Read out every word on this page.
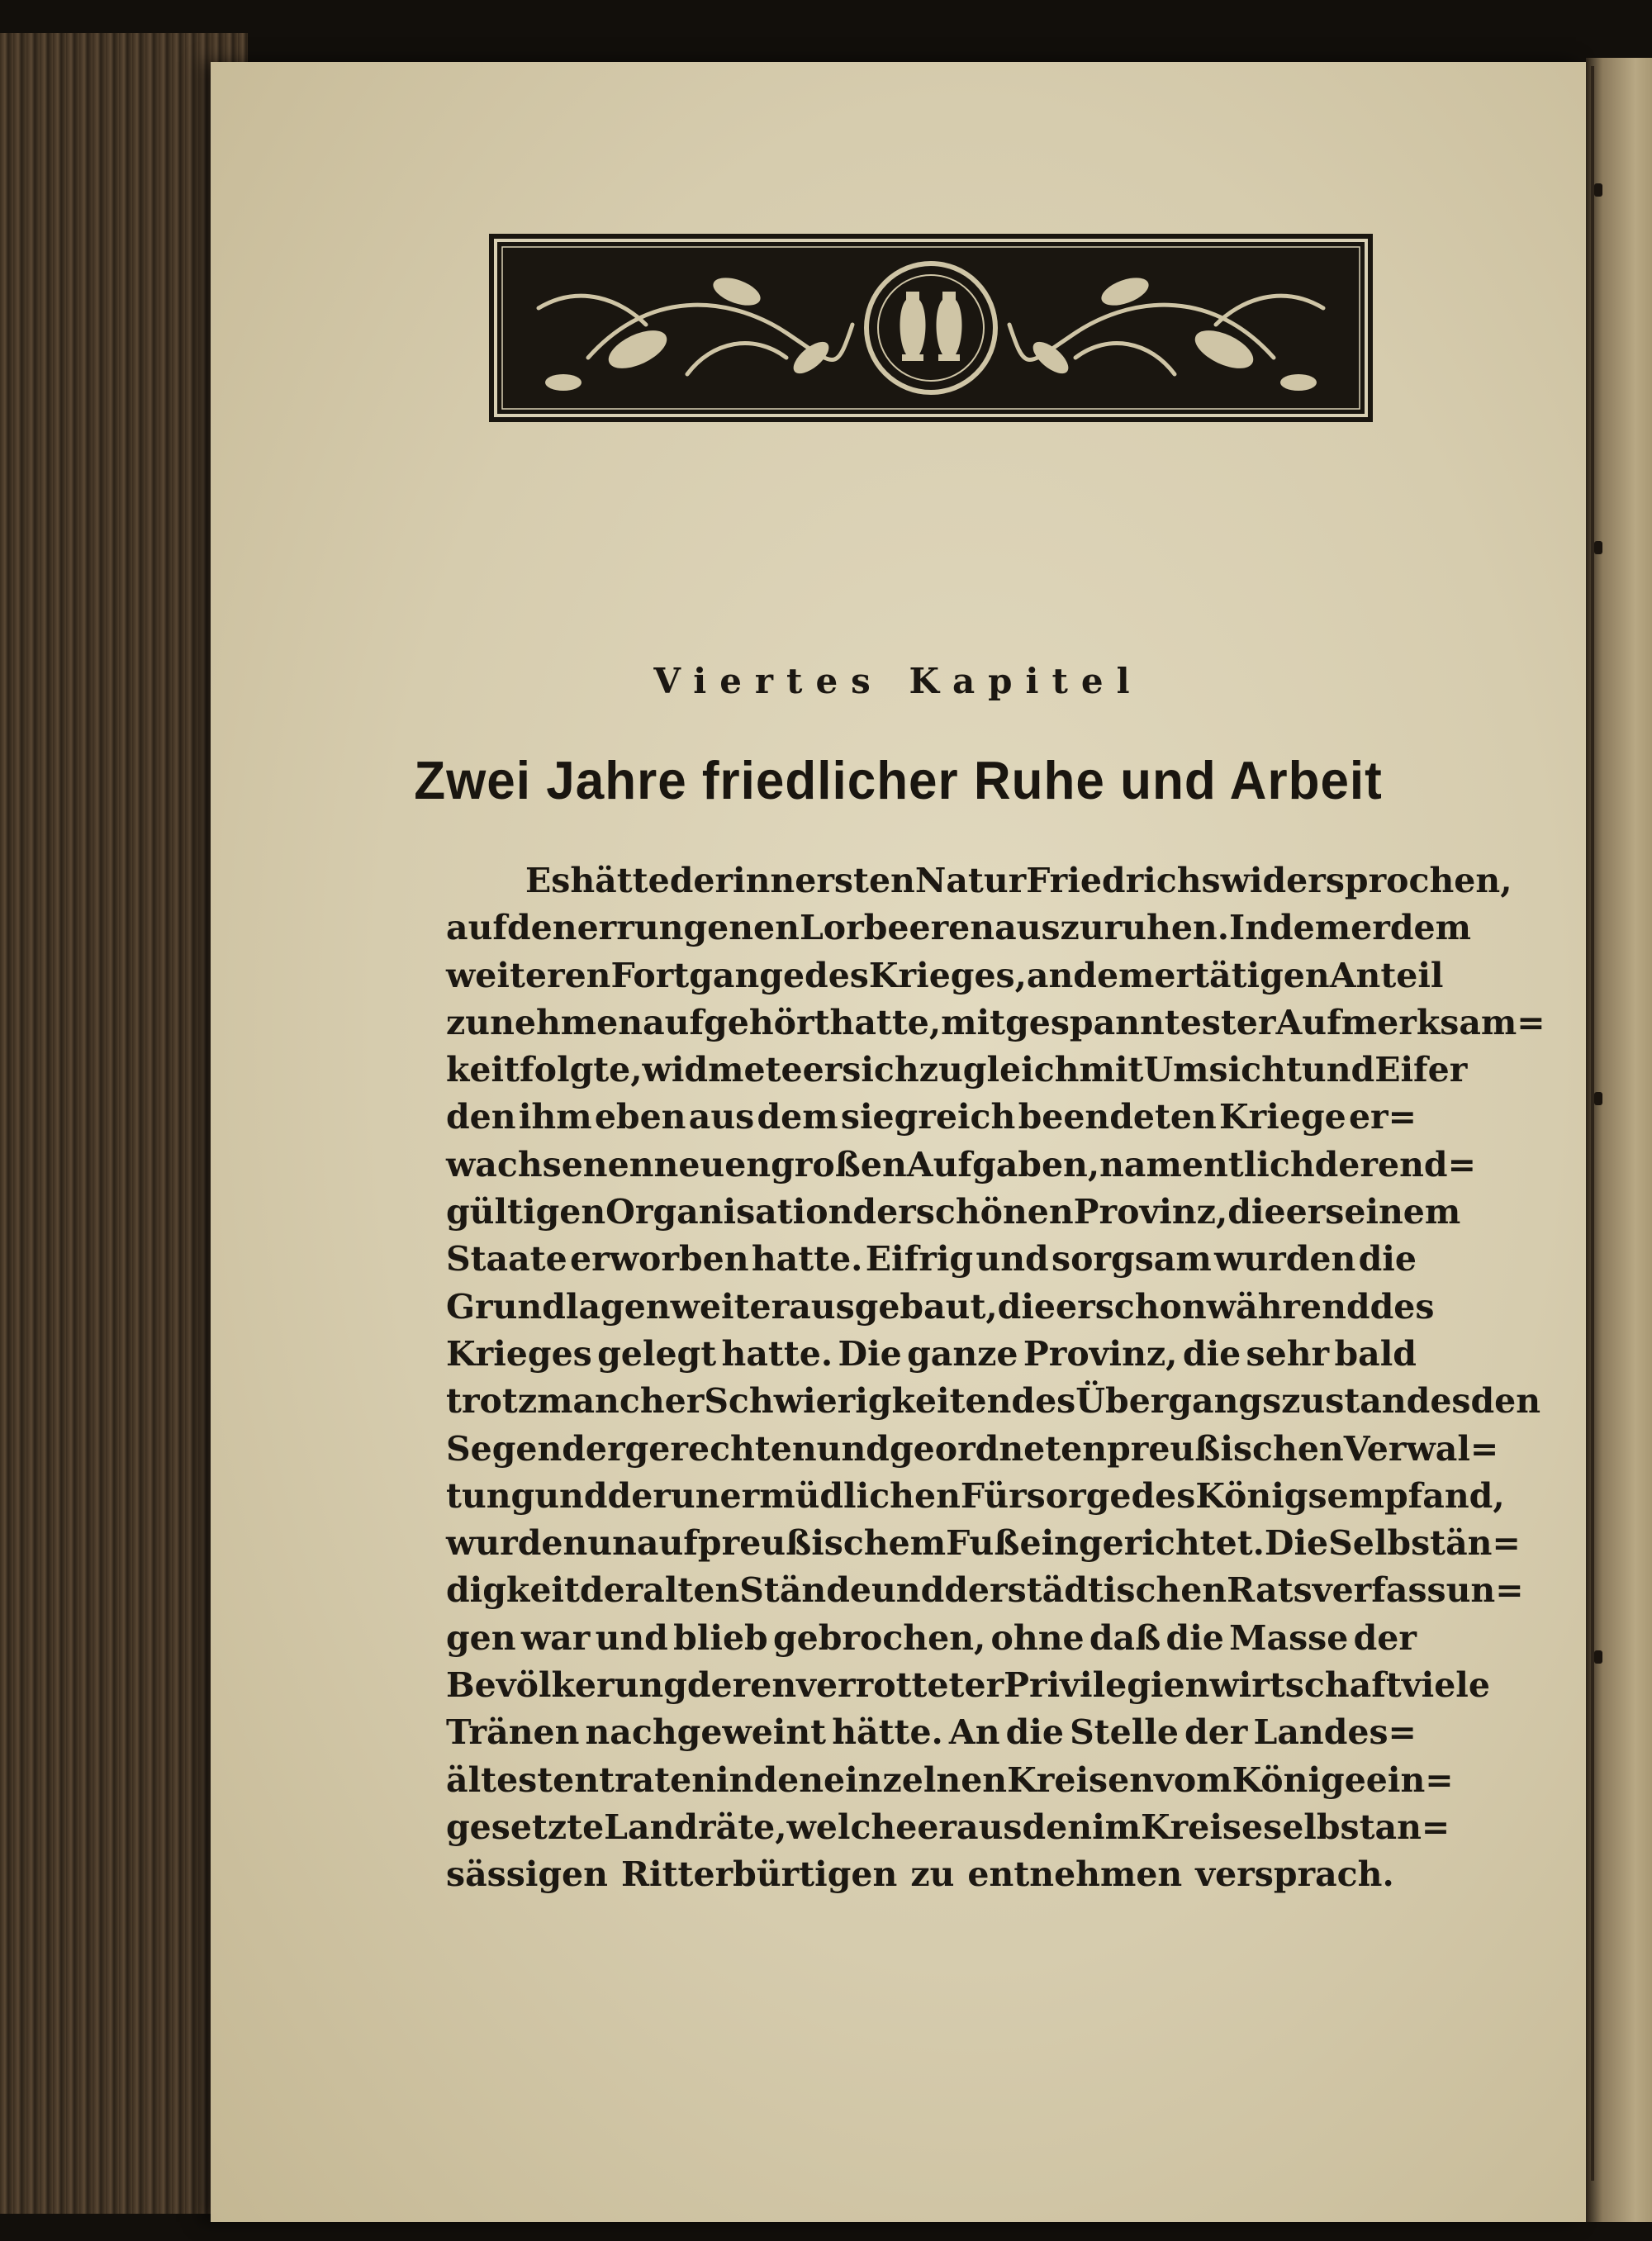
Viertes Kapitel
Zwei Jahre friedlicher Ruhe und Arbeit
Es hätte der innersten Natur Friedrichs widersprochen,
auf den errungenen Lorbeeren auszuruhen. Indem er dem
weiteren Fortgange des Krieges, an dem er tätigen Anteil
zu nehmen aufgehört hatte, mit gespanntester Aufmerksam=
keit folgte, widmete er sich zugleich mit Umsicht und Eifer
den ihm eben aus dem siegreich beendeten Kriege er=
wachsenen neuen großen Aufgaben, namentlich der end=
gültigen Organisation der schönen Provinz, die er seinem
Staate erworben hatte. Eifrig und sorgsam wurden die
Grundlagen weiter ausgebaut, die er schon während des
Krieges gelegt hatte. Die ganze Provinz, die sehr bald
trotz mancher Schwierigkeiten des Übergangszustandes den
Segen der gerechten und geordneten preußischen Verwal=
tung und der unermüdlichen Fürsorge des Königs empfand,
wurde nun auf preußischem Fuß eingerichtet. Die Selbstän=
digkeit der alten Stände und der städtischen Ratsverfassun=
gen war und blieb gebrochen, ohne daß die Masse der
Bevölkerung deren verrotteter Privilegienwirtschaft viele
Tränen nachgeweint hätte. An die Stelle der Landes=
ältesten traten in den einzelnen Kreisen vom Könige ein=
gesetzte Landräte, welche er aus den im Kreise selbst an=
sässigen Ritterbürtigen zu entnehmen versprach.
